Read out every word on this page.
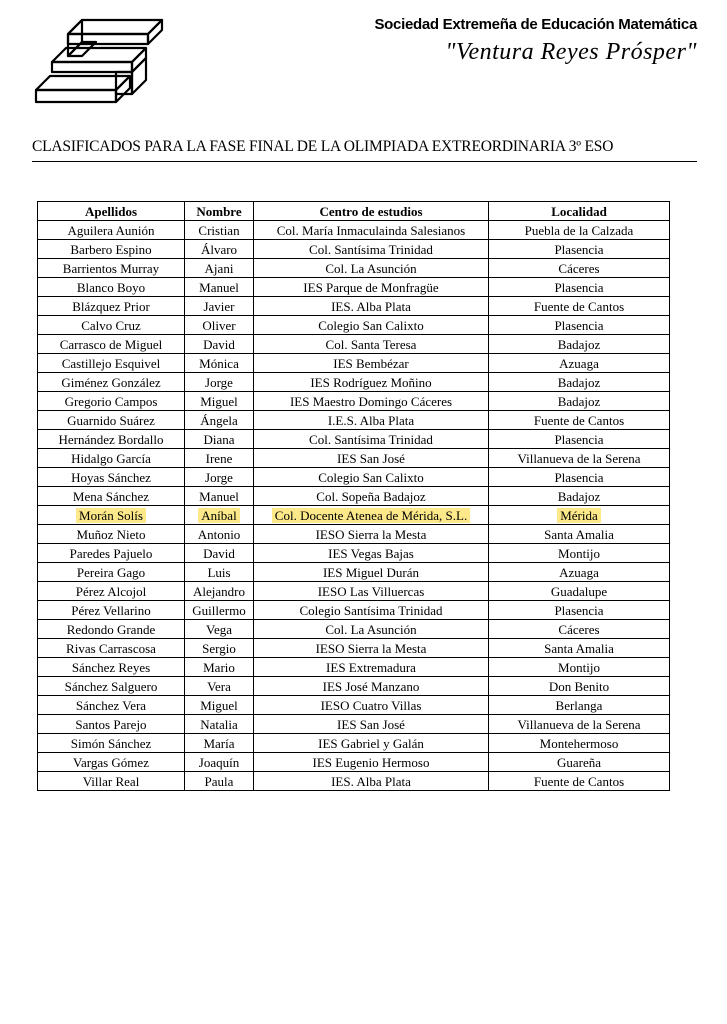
Sociedad Extremeña de Educación Matemática
"Ventura Reyes Prósper"
CLASIFICADOS PARA LA FASE FINAL DE LA OLIMPIADA EXTREORDINARIA 3º ESO
Apellidos	Nombre	Centro de estudios	Localidad
Aguilera Aunión	Cristian	Col. María Inmaculainda Salesianos	Puebla de la Calzada
Barbero Espino	Álvaro	Col. Santísima Trinidad	Plasencia
Barrientos Murray	Ajani	Col. La Asunción	Cáceres
Blanco Boyo	Manuel	IES Parque de Monfragüe	Plasencia
Blázquez Prior	Javier	IES. Alba Plata	Fuente de Cantos
Calvo Cruz	Oliver	Colegio San Calixto	Plasencia
Carrasco de Miguel	David	Col. Santa Teresa	Badajoz
Castillejo Esquivel	Mónica	IES Bembézar	Azuaga
Giménez González	Jorge	IES Rodríguez Moñino	Badajoz
Gregorio Campos	Miguel	IES Maestro Domingo Cáceres	Badajoz
Guarnido Suárez	Ángela	I.E.S. Alba Plata	Fuente de Cantos
Hernández Bordallo	Diana	Col. Santísima Trinidad	Plasencia
Hidalgo García	Irene	IES San José	Villanueva de la Serena
Hoyas Sánchez	Jorge	Colegio San Calixto	Plasencia
Mena Sánchez	Manuel	Col. Sopeña Badajoz	Badajoz
Morán Solís	Aníbal	Col. Docente Atenea de Mérida, S.L.	Mérida
Muñoz Nieto	Antonio	IESO Sierra la Mesta	Santa Amalia
Paredes Pajuelo	David	IES Vegas Bajas	Montijo
Pereira Gago	Luis	IES Miguel Durán	Azuaga
Pérez Alcojol	Alejandro	IESO Las Villuercas	Guadalupe
Pérez Vellarino	Guillermo	Colegio Santísima Trinidad	Plasencia
Redondo Grande	Vega	Col. La Asunción	Cáceres
Rivas Carrascosa	Sergio	IESO Sierra la Mesta	Santa Amalia
Sánchez Reyes	Mario	IES Extremadura	Montijo
Sánchez Salguero	Vera	IES José Manzano	Don Benito
Sánchez Vera	Miguel	IESO Cuatro Villas	Berlanga
Santos Parejo	Natalia	IES San José	Villanueva de la Serena
Simón Sánchez	María	IES Gabriel y Galán	Montehermoso
Vargas Gómez	Joaquín	IES Eugenio Hermoso	Guareña
Villar Real	Paula	IES. Alba Plata	Fuente de Cantos
